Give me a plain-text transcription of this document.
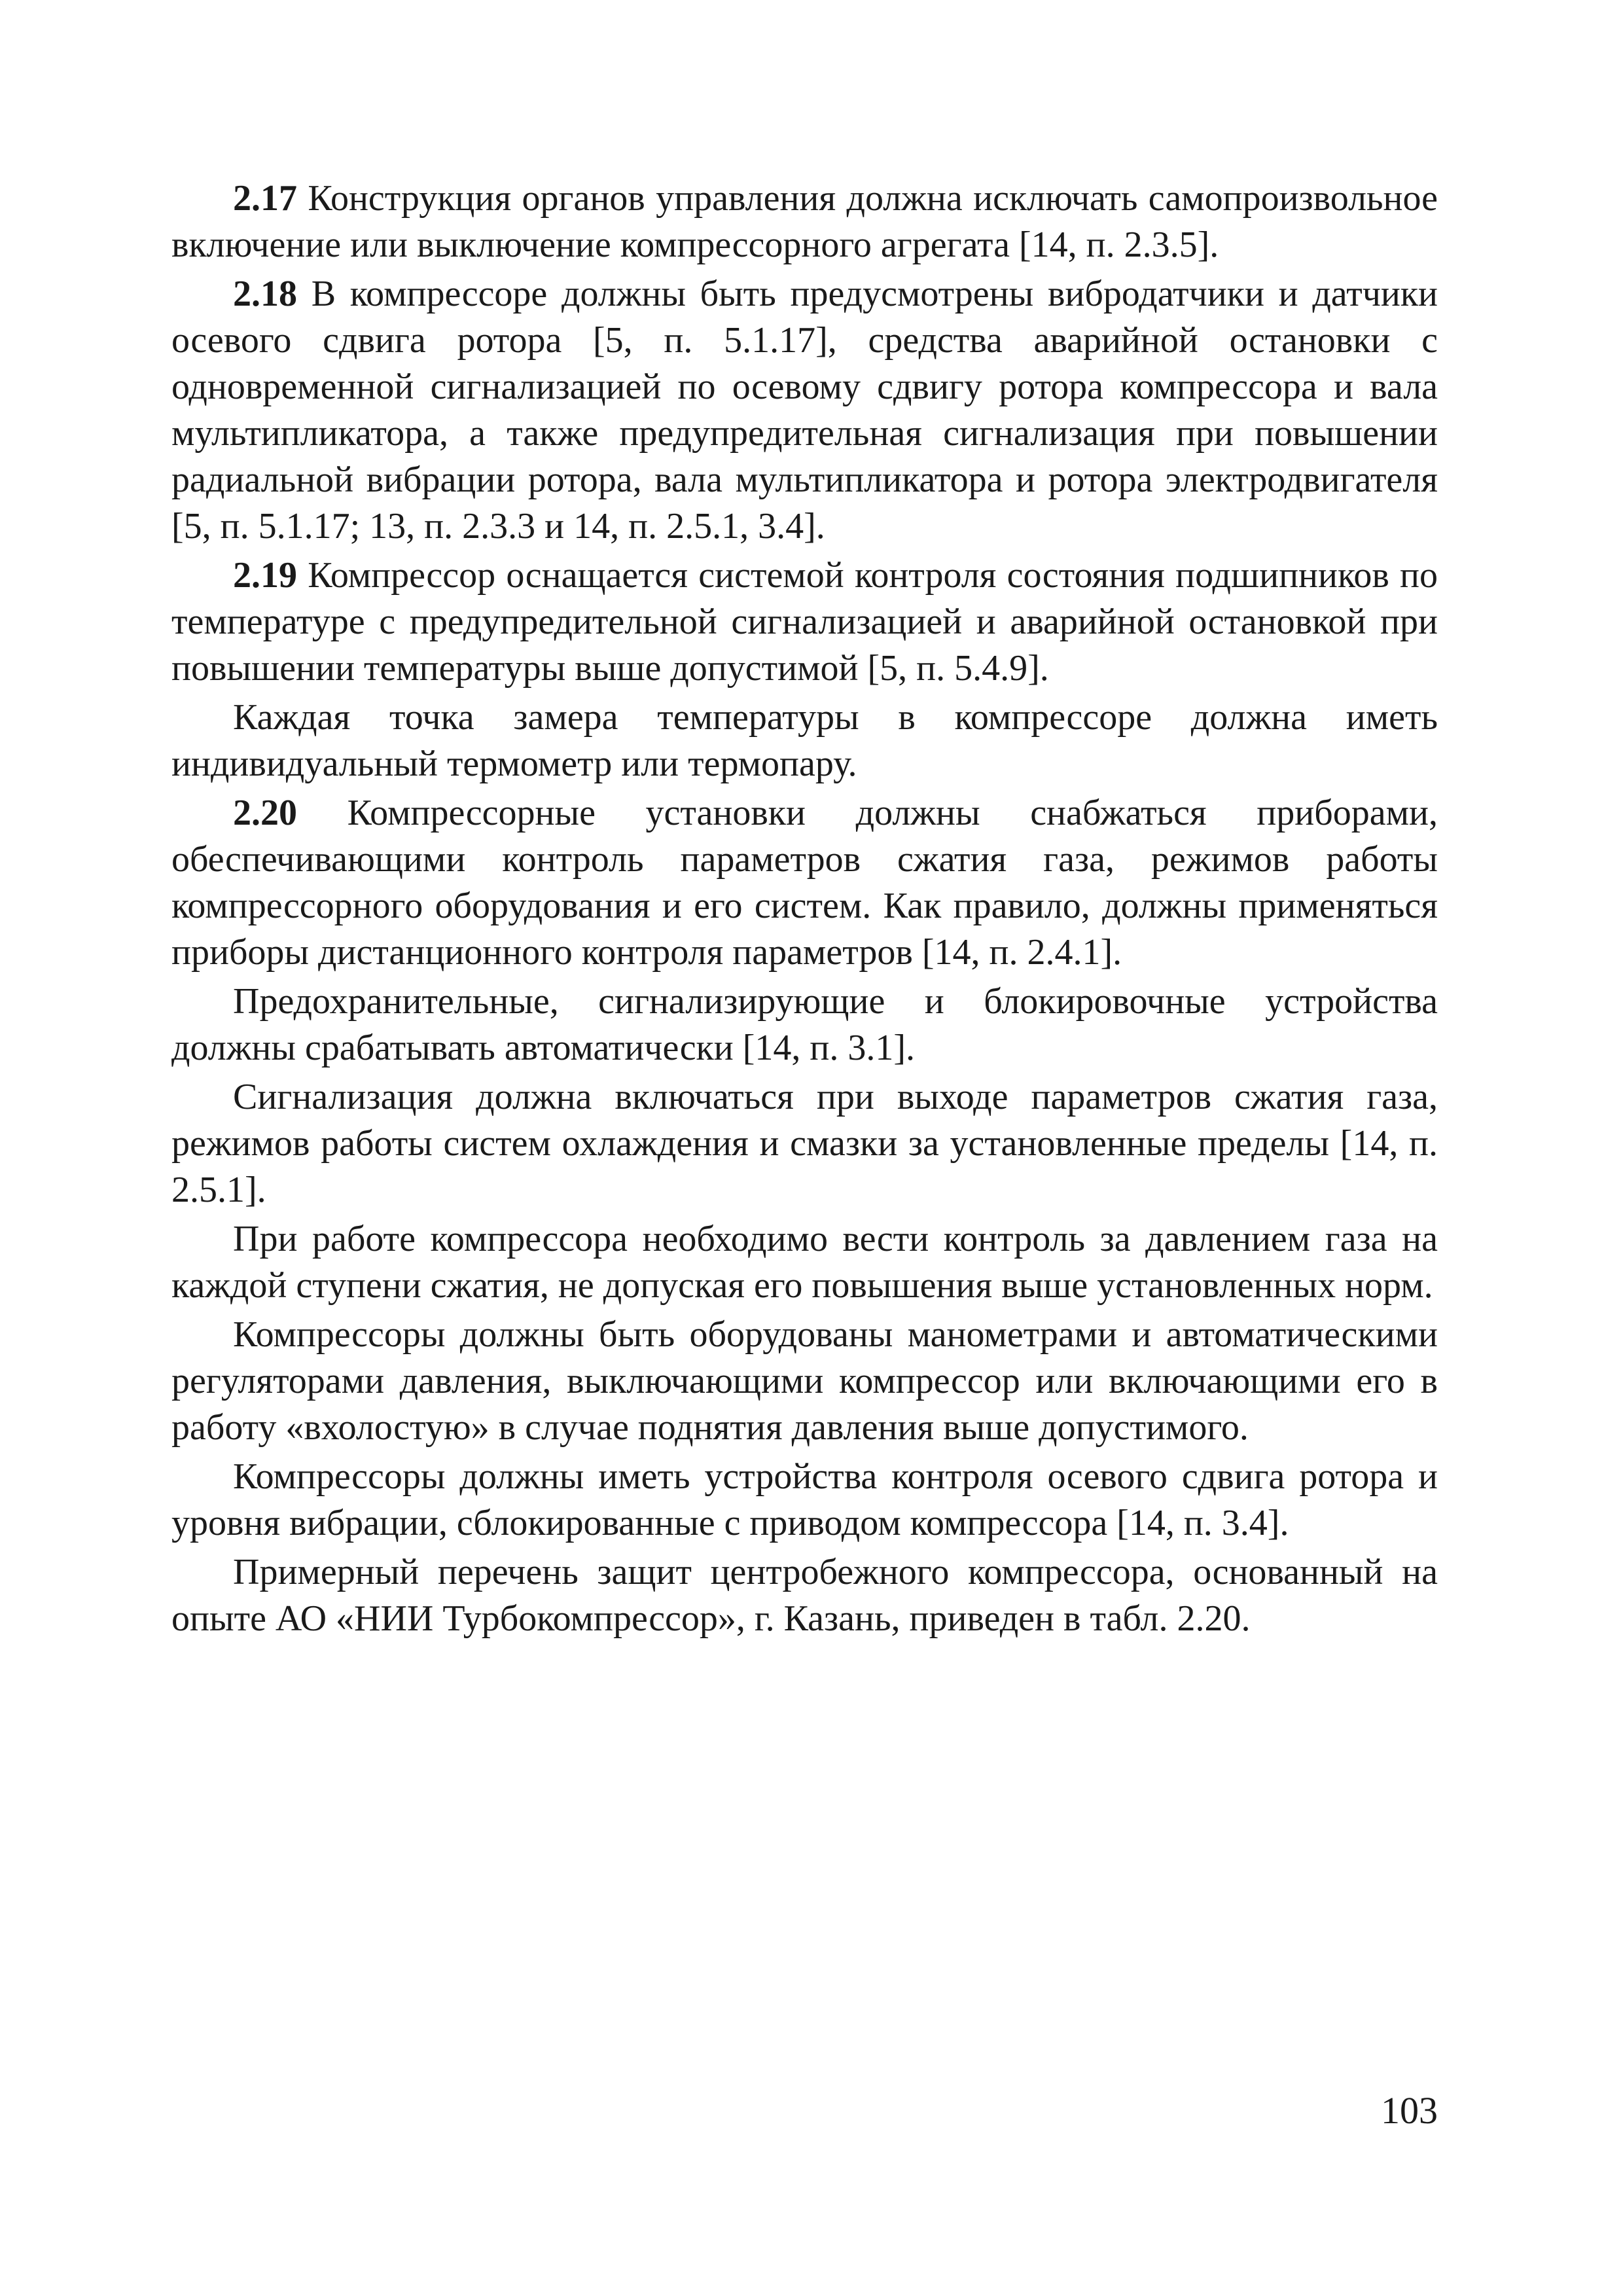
2.17 Конструкция органов управления должна исключать самопроизвольное включение или выключение компрессорного агрегата [14, п. 2.3.5].

2.18 В компрессоре должны быть предусмотрены вибродатчики и датчики осевого сдвига ротора [5, п. 5.1.17], средства аварийной остановки с одновременной сигнализацией по осевому сдвигу ротора компрессора и вала мультипликатора, а также предупредительная сигнализация при повышении радиальной вибрации ротора, вала мультипликатора и ротора электродвигателя [5, п. 5.1.17; 13, п. 2.3.3 и 14, п. 2.5.1, 3.4].

2.19 Компрессор оснащается системой контроля состояния подшипников по температуре с предупредительной сигнализацией и аварийной остановкой при повышении температуры выше допустимой [5, п. 5.4.9].

Каждая точка замера температуры в компрессоре должна иметь индивидуальный термометр или термопару.

2.20 Компрессорные установки должны снабжаться приборами, обеспечивающими контроль параметров сжатия газа, режимов работы компрессорного оборудования и его систем. Как правило, должны применяться приборы дистанционного контроля параметров [14, п. 2.4.1].

Предохранительные, сигнализирующие и блокировочные устройства должны срабатывать автоматически [14, п. 3.1].

Сигнализация должна включаться при выходе параметров сжатия газа, режимов работы систем охлаждения и смазки за установленные пределы [14, п. 2.5.1].

При работе компрессора необходимо вести контроль за давлением газа на каждой ступени сжатия, не допуская его повышения выше установленных норм.

Компрессоры должны быть оборудованы манометрами и автоматическими регуляторами давления, выключающими компрессор или включающими его в работу «вхолостую» в случае поднятия давления выше допустимого.

Компрессоры должны иметь устройства контроля осевого сдвига ротора и уровня вибрации, сблокированные с приводом компрессора [14, п. 3.4].

Примерный перечень защит центробежного компрессора, основанный на опыте АО «НИИ Турбокомпрессор», г. Казань, приведен в табл. 2.20.

103
